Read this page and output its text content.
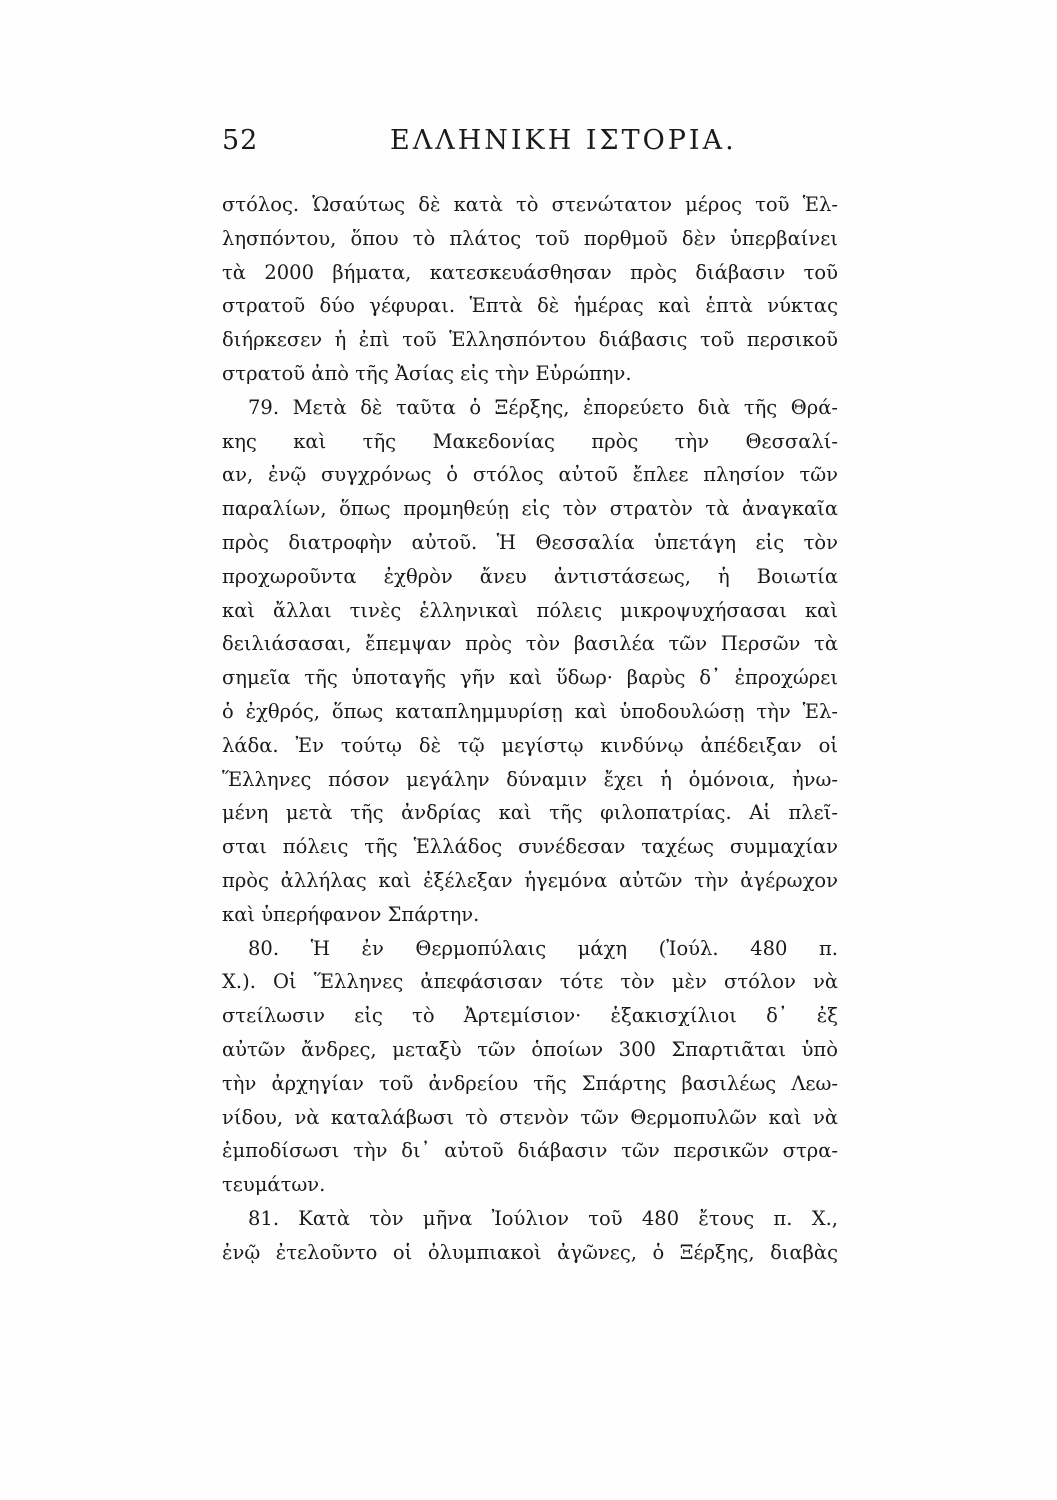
52	ΕΛΛΗΝΙΚΗ ΙΣΤΟΡΙΑ.
στόλος. Ὡσαύτως δὲ κατὰ τὸ στενώτατον μέρος τοῦ Ἑλ-
λησπόντου, ὅπου τὸ πλάτος τοῦ πορθμοῦ δὲν ὑπερβαίνει
τὰ 2000 βήματα, κατεσκευάσθησαν πρὸς διάβασιν τοῦ
στρατοῦ δύο γέφυραι. Ἑπτὰ δὲ ἡμέρας καὶ ἑπτὰ νύκτας
διήρκεσεν ἡ ἐπὶ τοῦ Ἑλλησπόντου διάβασις τοῦ περσικοῦ
στρατοῦ ἀπὸ τῆς Ἀσίας εἰς τὴν Εὐρώπην.
79. Μετὰ δὲ ταῦτα ὁ Ξέρξης, ἐπορεύετο διὰ τῆς Θρά-
κης καὶ τῆς Μακεδονίας πρὸς τὴν Θεσσαλί-
αν, ἐνῷ συγχρόνως ὁ στόλος αὐτοῦ ἔπλεε πλησίον τῶν
παραλίων, ὅπως προμηθεύῃ εἰς τὸν στρατὸν τὰ ἀναγκαῖα
πρὸς διατροφὴν αὐτοῦ. Ἡ Θεσσαλία ὑπετάγη εἰς τὸν
προχωροῦντα ἐχθρὸν ἄνευ ἀντιστάσεως, ἡ Βοιωτία
καὶ ἄλλαι τινὲς ἑλληνικαὶ πόλεις μικροψυχήσασαι καὶ
δειλιάσασαι, ἔπεμψαν πρὸς τὸν βασιλέα τῶν Περσῶν τὰ
σημεῖα τῆς ὑποταγῆς γῆν καὶ ὕδωρ· βαρὺς δ᾽ ἐπροχώρει
ὁ ἐχθρός, ὅπως καταπλημμυρίσῃ καὶ ὑποδουλώσῃ τὴν Ἑλ-
λάδα. Ἐν τούτῳ δὲ τῷ μεγίστῳ κινδύνῳ ἀπέδειξαν οἱ
Ἕλληνες πόσον μεγάλην δύναμιν ἔχει ἡ ὁμόνοια, ἠνω-
μένη μετὰ τῆς ἀνδρίας καὶ τῆς φιλοπατρίας. Αἱ πλεῖ-
σται πόλεις τῆς Ἑλλάδος συνέδεσαν ταχέως συμμαχίαν
πρὸς ἀλλήλας καὶ ἐξέλεξαν ἡγεμόνα αὐτῶν τὴν ἀγέρωχον
καὶ ὑπερήφανον Σπάρτην.
80. Ἡ ἐν Θερμοπύλαις μάχη (Ἰούλ. 480 π.
Χ.). Οἱ Ἕλληνες ἀπεφάσισαν τότε τὸν μὲν στόλον νὰ
στείλωσιν εἰς τὸ Ἀρτεμίσιον· ἑξακισχίλιοι δ᾽ ἐξ
αὐτῶν ἄνδρες, μεταξὺ τῶν ὁποίων 300 Σπαρτιᾶται ὑπὸ
τὴν ἀρχηγίαν τοῦ ἀνδρείου τῆς Σπάρτης βασιλέως Λεω-
νίδου, νὰ καταλάβωσι τὸ στενὸν τῶν Θερμοπυλῶν καὶ νὰ
ἐμποδίσωσι τὴν δι᾽ αὐτοῦ διάβασιν τῶν περσικῶν στρα-
τευμάτων.
81. Κατὰ τὸν μῆνα Ἰούλιον τοῦ 480 ἔτους π. Χ.,
ἐνῷ ἐτελοῦντο οἱ ὀλυμπιακοὶ ἀγῶνες, ὁ Ξέρξης, διαβὰς
